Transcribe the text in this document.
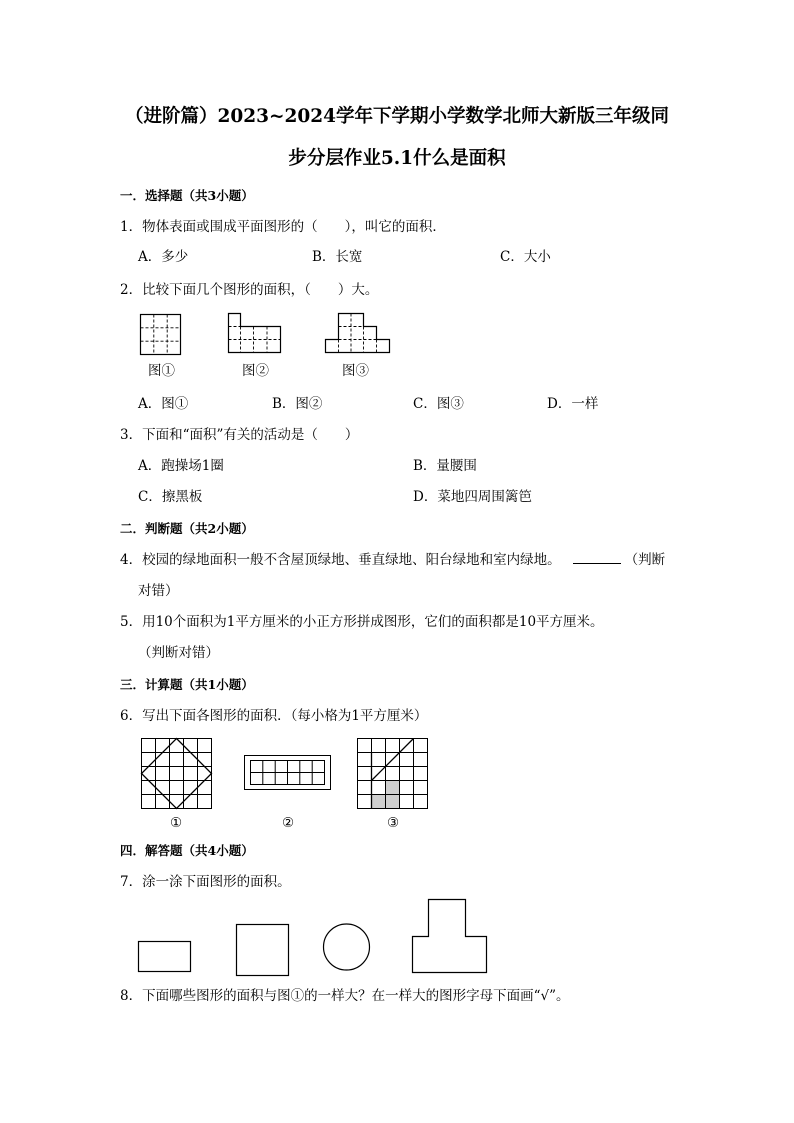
（进阶篇）2023~2024学年下学期小学数学北师大新版三年级同
步分层作业5.1什么是面积
一．选择题（共3小题）
1．物体表面或围成平面图形的（　　），叫它的面积．
A．多少	B．长宽	C．大小
2．比较下面几个图形的面积，（　　）大。
图①	图②	图③
A．图①	B．图②	C．图③	D．一样
3．下面和“面积”有关的活动是（　　）
A．跑操场1圈	B．量腰围
C．擦黑板	D．菜地四周围篱笆
二．判断题（共2小题）
4．校园的绿地面积一般不含屋顶绿地、垂直绿地、阳台绿地和室内绿地。	（判断
对错）
5．用10个面积为1平方厘米的小正方形拼成图形，它们的面积都是10平方厘米。
（判断对错）
三．计算题（共1小题）
6．写出下面各图形的面积．（每小格为1平方厘米）
①	②	③
四．解答题（共4小题）
7．涂一涂下面图形的面积。
8．下面哪些图形的面积与图①的一样大？在一样大的图形字母下面画“√”。
